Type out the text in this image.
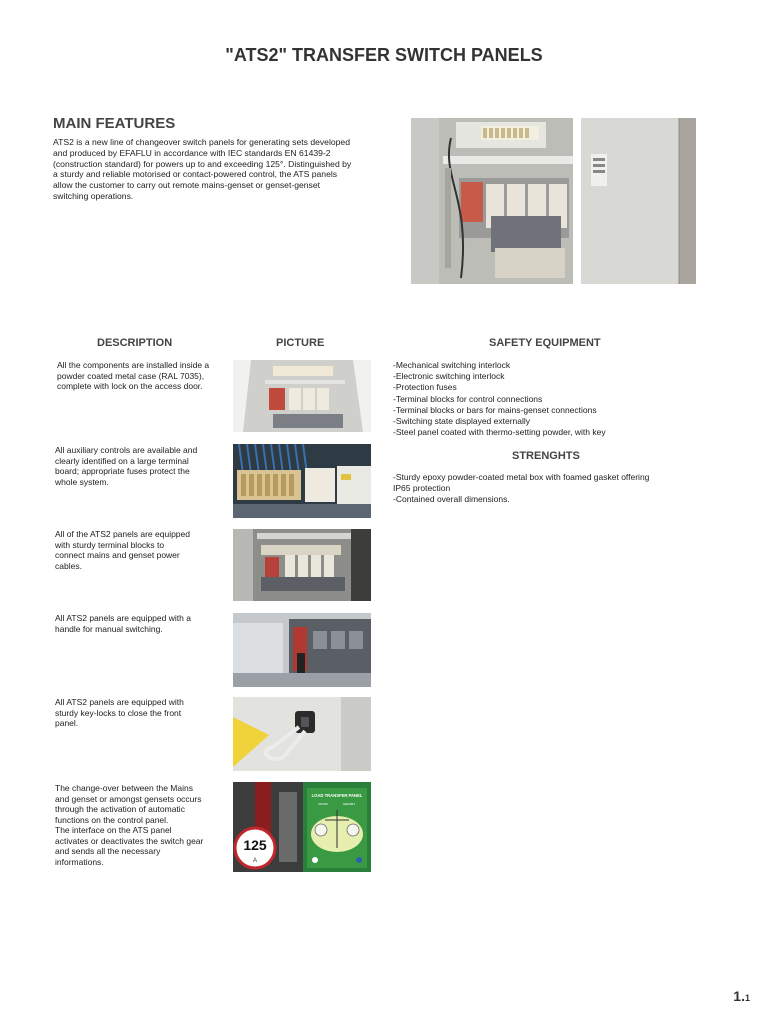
"ATS2" TRANSFER SWITCH PANELS
MAIN FEATURES
ATS2 is a new line of changeover switch panels for generating sets developed
and produced by EFAFLU in accordance with IEC standards EN 61439-2
(construction standard) for powers up to and exceeding 125°. Distinguished by
a sturdy and reliable motorised or contact-powered control, the ATS panels
allow the customer to carry out remote mains-genset or genset-genset
switching operations.
DESCRIPTION	PICTURE	SAFETY EQUIPMENT
All the components are installed inside a
powder coated metal case (RAL 7035),
complete with lock on the access door.
-Mechanical switching interlock
-Electronic switching interlock
-Protection fuses
-Terminal blocks for control connections
-Terminal blocks or bars for mains-genset connections
-Switching state displayed externally
-Steel panel coated with thermo-setting powder, with key
STRENGHTS
-Sturdy epoxy powder-coated metal box with foamed gasket offering
IP65 protection
-Contained overall dimensions.
All auxiliary controls are available and
clearly identified on a large terminal
board; appropriate fuses protect the
whole system.
All of the ATS2 panels are equipped
with sturdy terminal blocks to
connect mains and genset power
cables.
All ATS2 panels are equipped with a
handle for manual switching.
All ATS2 panels are equipped with
sturdy key-locks to close the front
panel.
The change-over between the Mains
and genset or amongst gensets occurs
through the activation of automatic
functions on the control panel.
The interface on the ATS panel
activates or deactivates the switch gear
and sends all the necessary
informations.
125
A
LOAD TRANSFER PANEL
MAINS	GENSET
1.1
